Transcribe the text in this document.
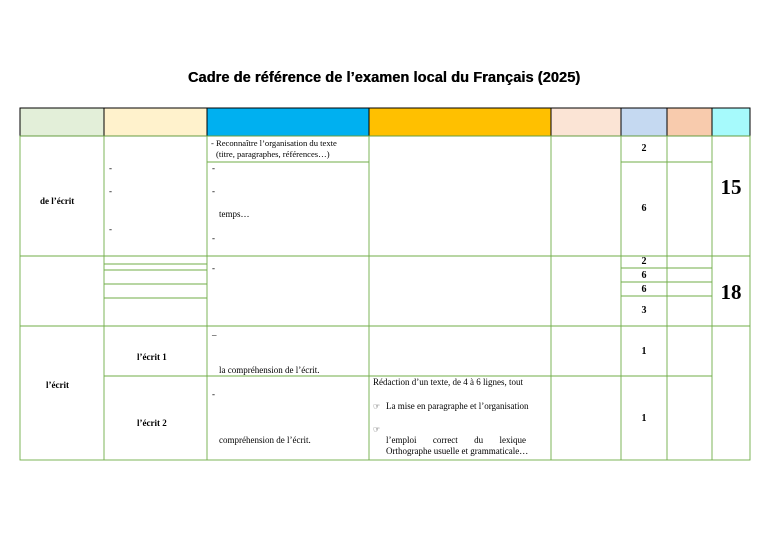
Cadre de référence de l’examen local du Français (2025)
de l’écrit
-
-
-
- Reconnaître l’organisation du texte
(titre, paragraphes, références…)
-
-
temps…
-
2
6
15
-
2
6
6
3
18
l’écrit
l’écrit 1
–
la compréhension de l’écrit.
1
l’écrit 2
-
compréhension de l’écrit.
1
Rédaction d’un texte, de 4 à 6 lignes, tout
☞ La mise en paragraphe et l’organisation
☞
l’emploi correct du lexique
Orthographe usuelle et grammaticale…
